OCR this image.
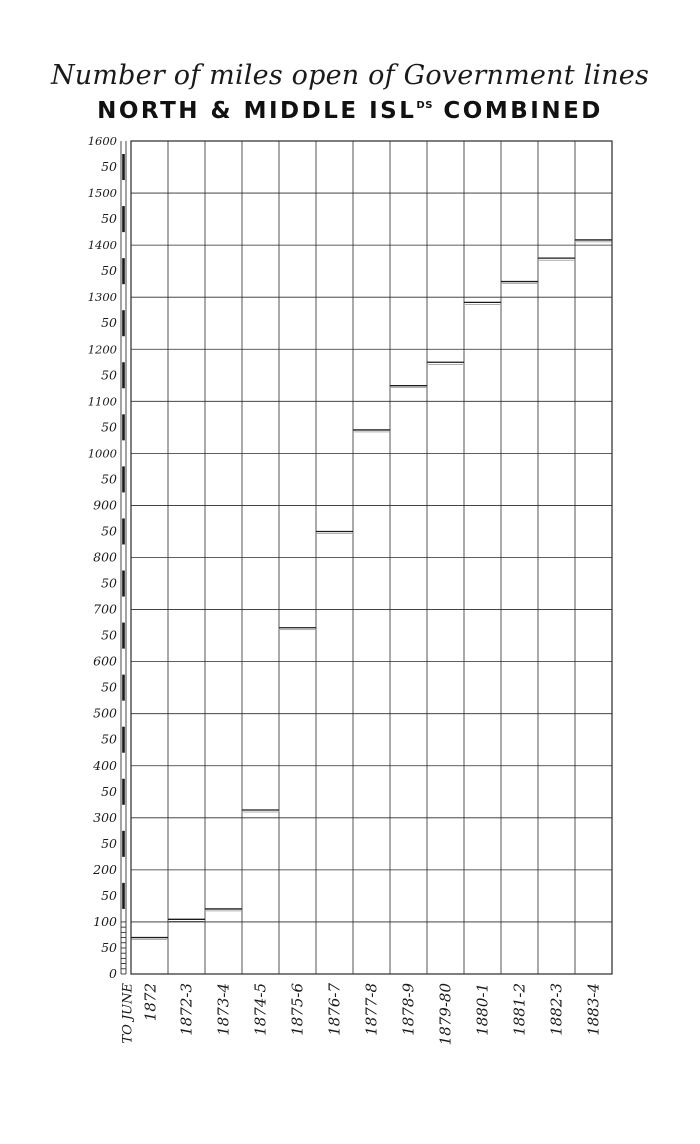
Number of miles open of Government lines
NORTH & MIDDLE $ISL^{DS}$ COMBINED
1600
50
1500
50
1400
50
1300
50
1200
50
1100
50
1000
50
900
50
800
50
700
50
600
50
500
50
400
50
300
50
200
50
100
50
0
TO JUNE 1872 1872-3 1873-4 1874-5 1875-6 1876-7 1877-8 1878-9 1879-80 1880-1 1881-2 1882-3 1883-4
